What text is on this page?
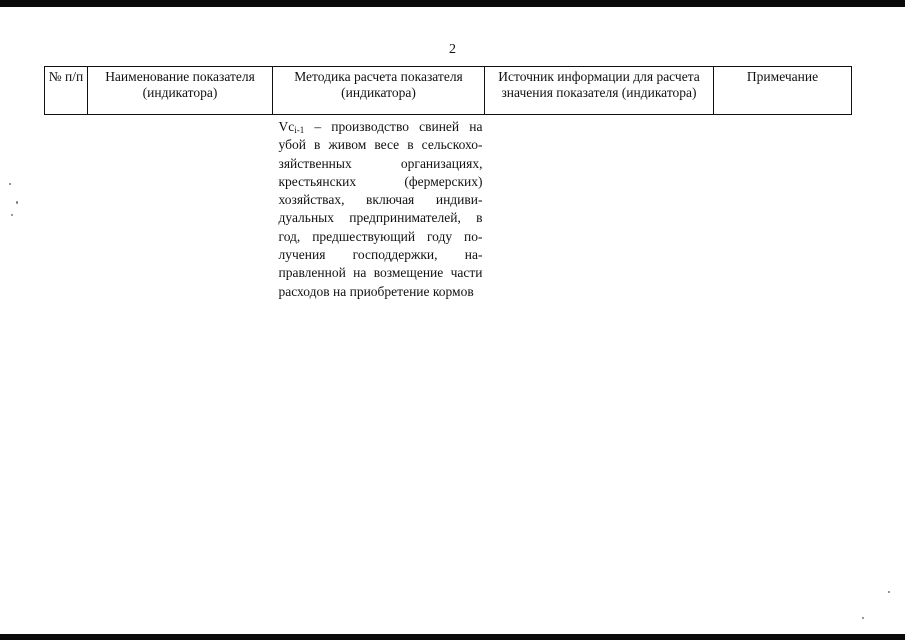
2
№ п/п	Наименование показателя (индикатора)	Методика расчета показателя (индикатора)	Источник информации для расчета значения показателя (индикатора)	Примечание

		$Vc_{i-1}$ – производство свиней на убой в живом весе в сельскохозяйственных организациях, крестьянских (фермерских) хозяйствах, включая индивидуальных предпринимателей, в год, предшествующий году получения господдержки, направленной на возмещение части расходов на приобретение кормов		
